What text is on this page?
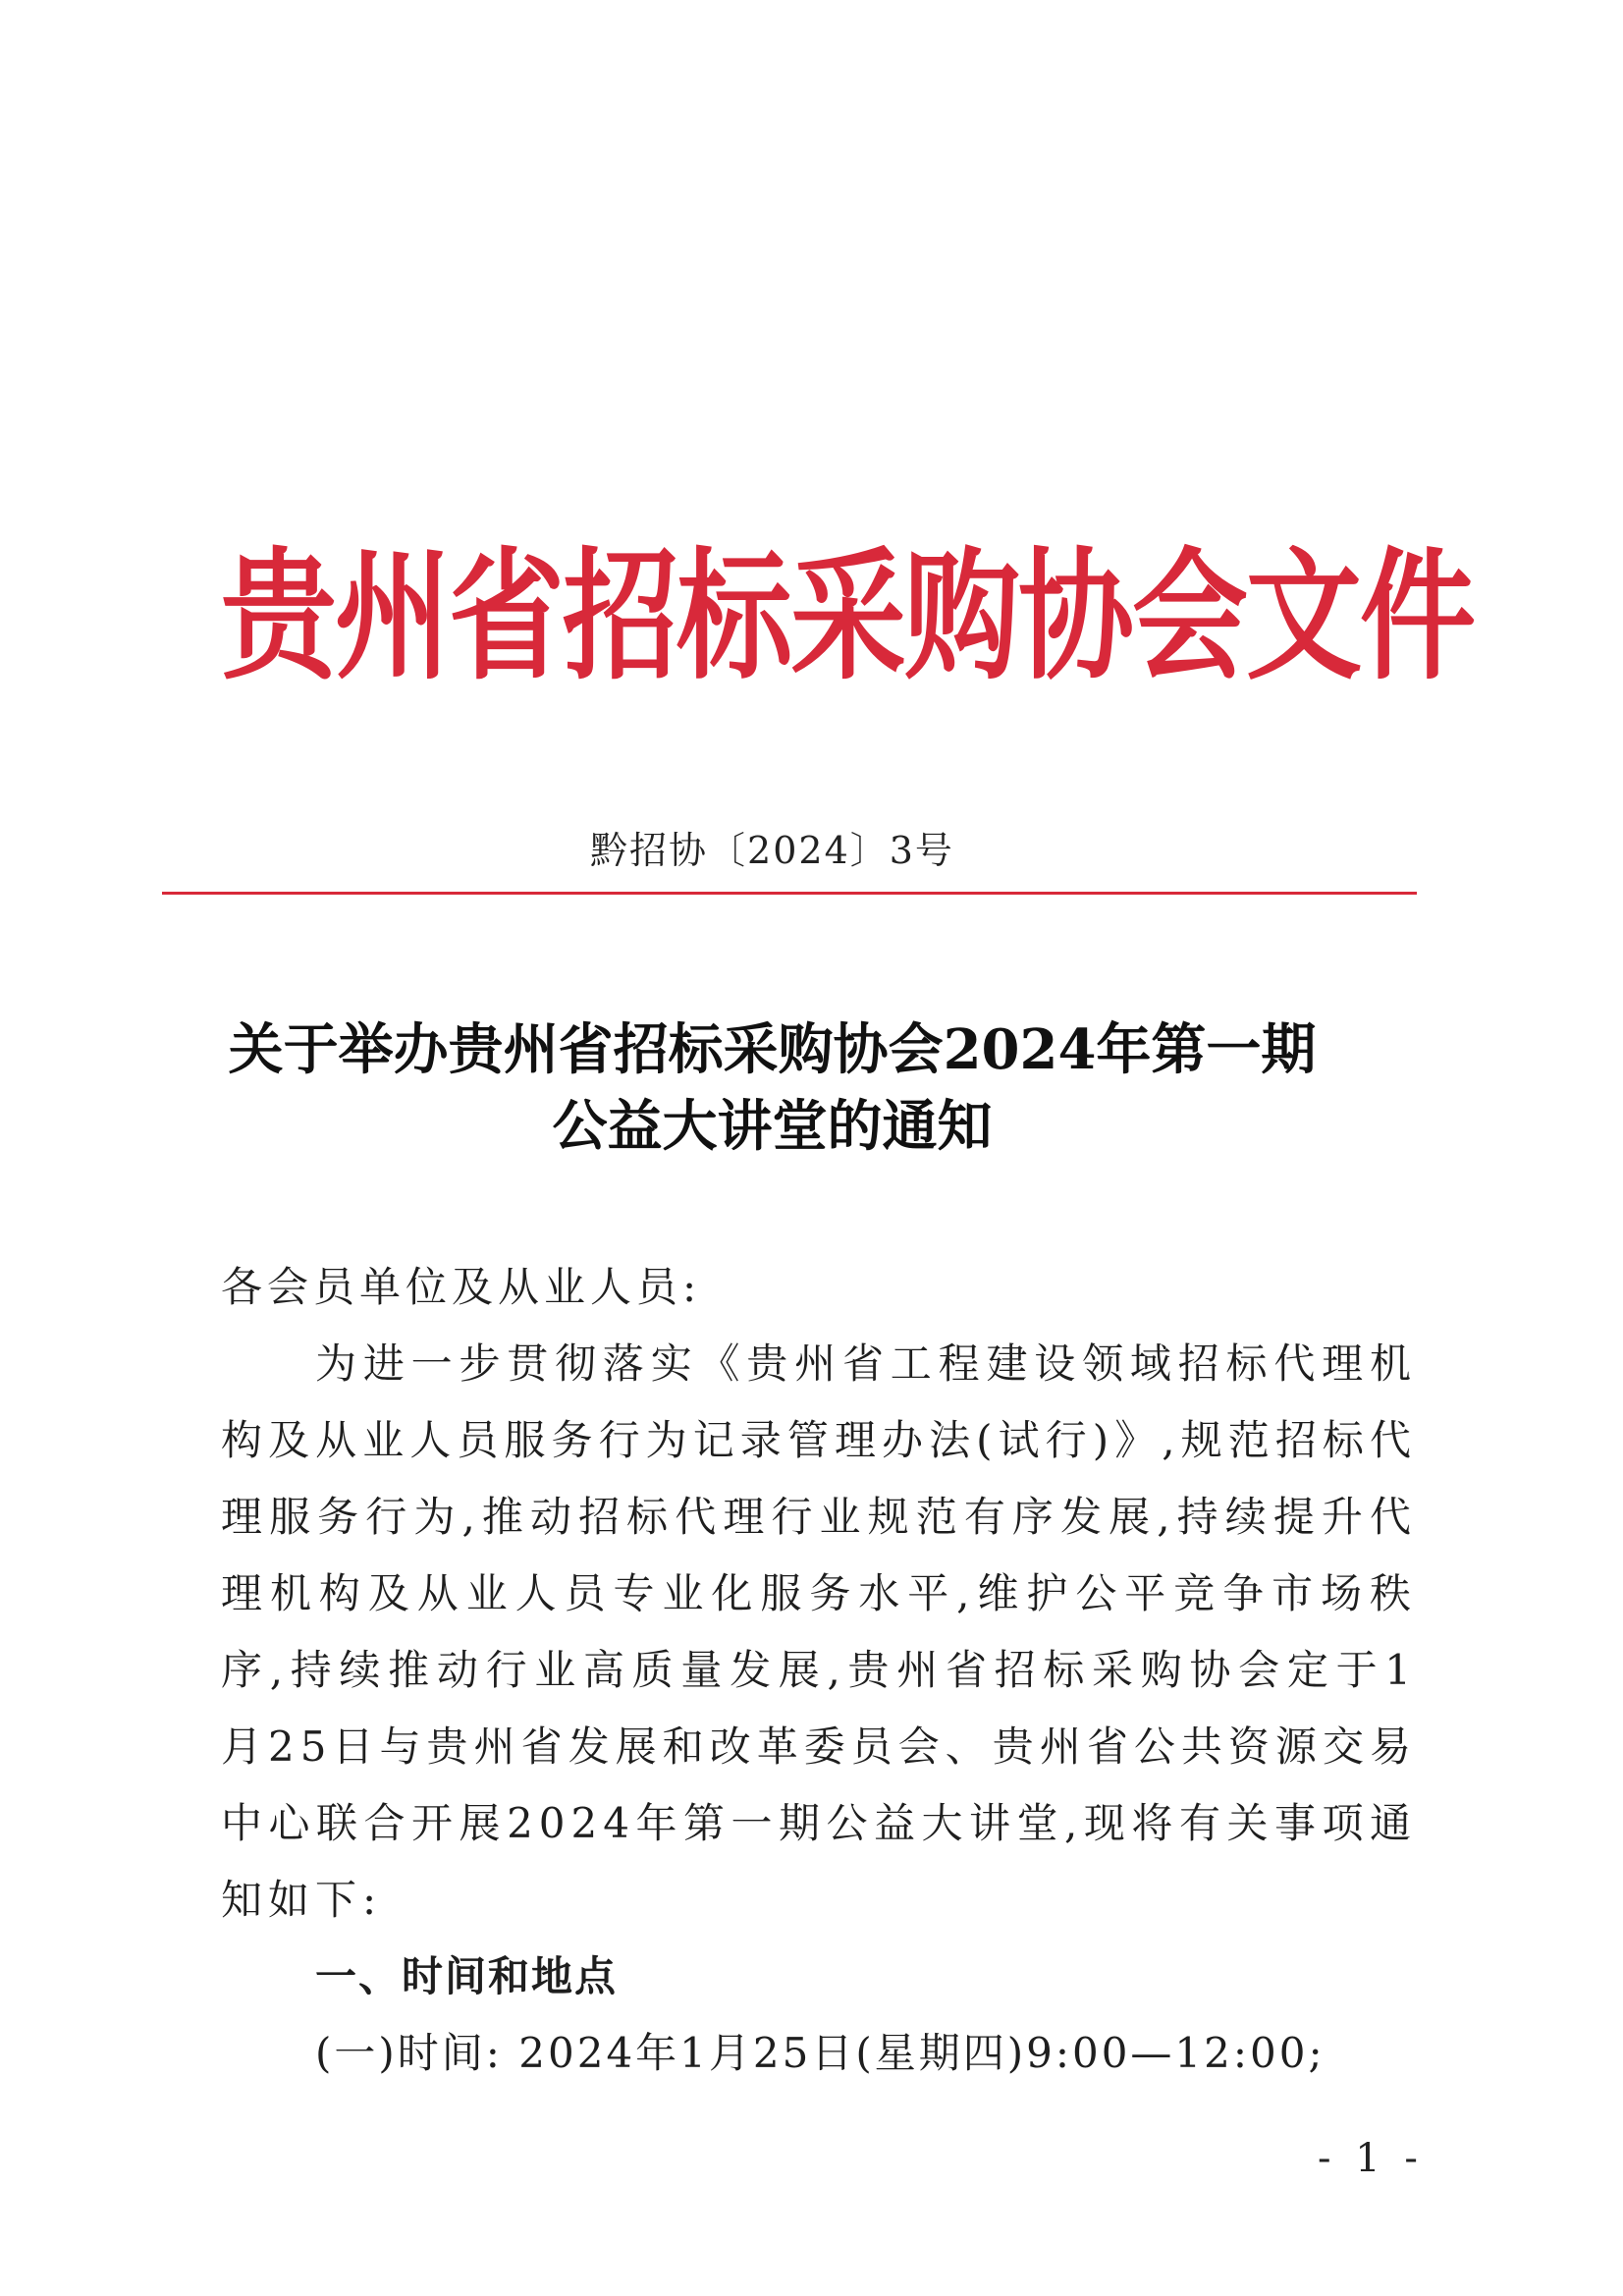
贵州省招标采购协会文件
黔招协〔2024〕3号
关于举办贵州省招标采购协会2024年第一期
公益大讲堂的通知

各会员单位及从业人员:

为进一步贯彻落实《贵州省工程建设领域招标代理机构及从业人员服务行为记录管理办法(试行)》,规范招标代理服务行为,推动招标代理行业规范有序发展,持续提升代理机构及从业人员专业化服务水平,维护公平竞争市场秩序,持续推动行业高质量发展,贵州省招标采购协会定于1月25日与贵州省发展和改革委员会、贵州省公共资源交易中心联合开展2024年第一期公益大讲堂,现将有关事项通知如下:

一、时间和地点

(一)时间: 2024年1月25日(星期四)9:00—12:00;

- 1 -
